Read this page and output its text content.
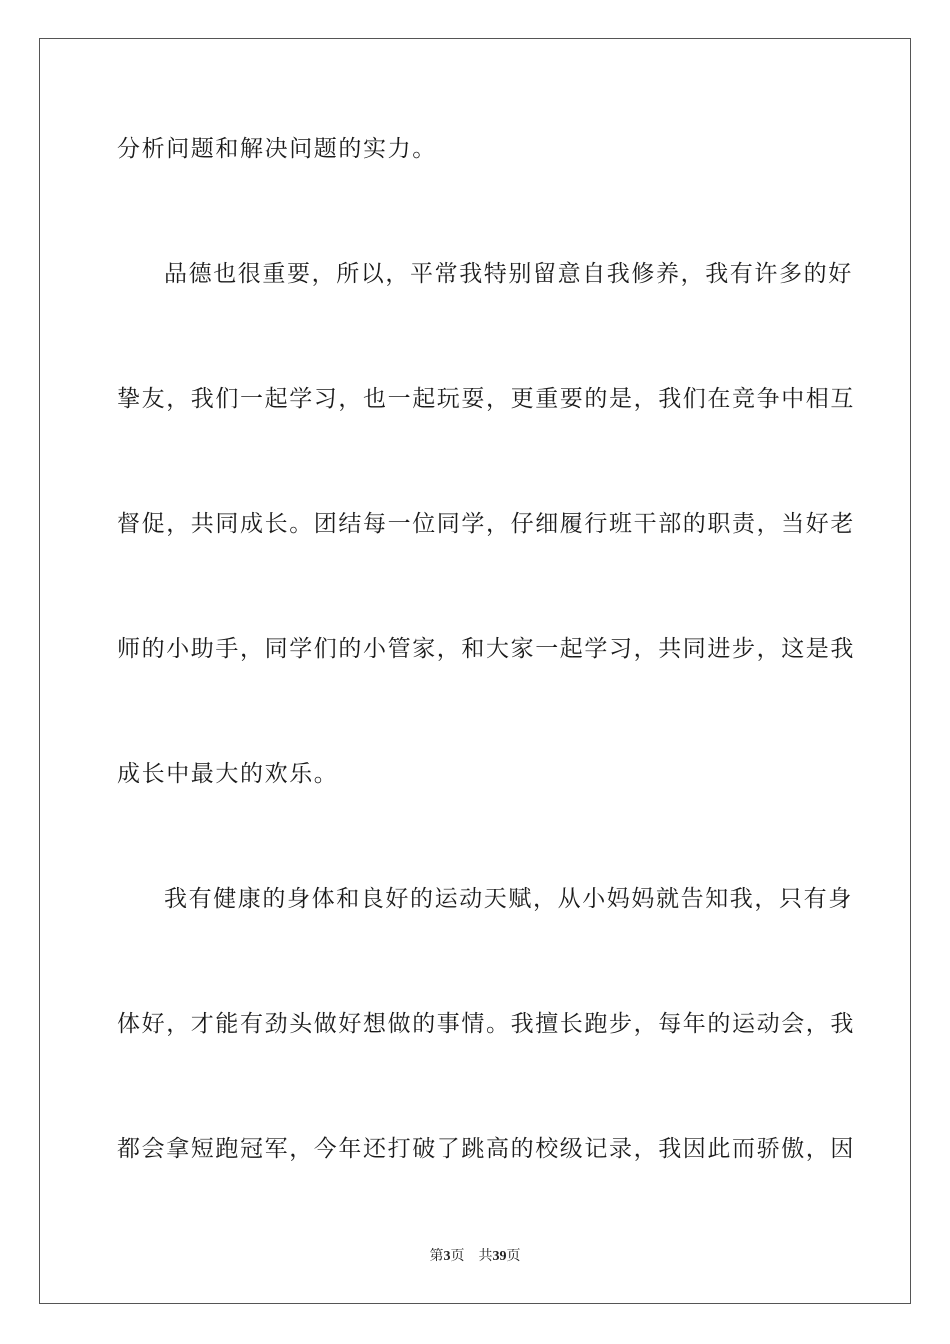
分析问题和解决问题的实力。
品德也很重要，所以，平常我特别留意自我修养，我有许多的好
挚友，我们一起学习，也一起玩耍，更重要的是，我们在竞争中相互
督促，共同成长。团结每一位同学，仔细履行班干部的职责，当好老
师的小助手，同学们的小管家，和大家一起学习，共同进步，这是我
成长中最大的欢乐。
我有健康的身体和良好的运动天赋，从小妈妈就告知我，只有身
体好，才能有劲头做好想做的事情。我擅长跑步，每年的运动会，我
都会拿短跑冠军，今年还打破了跳高的校级记录，我因此而骄傲，因
第3页 共39页
